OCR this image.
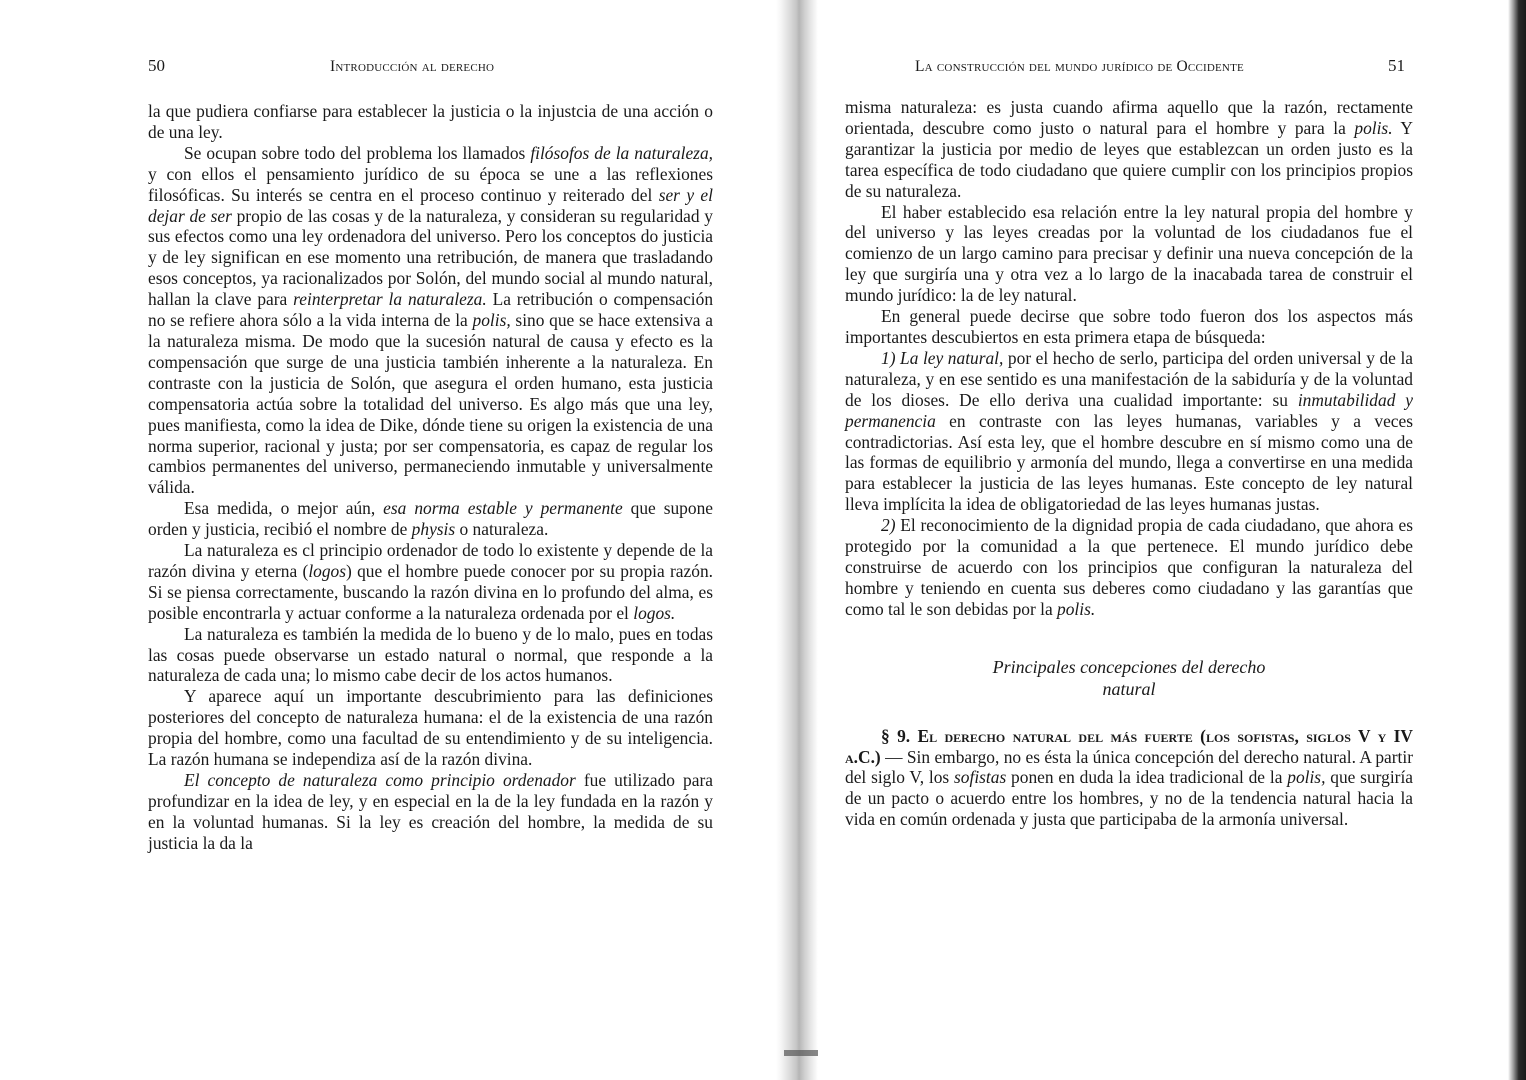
50	Introducción al derecho

la que pudiera confiarse para establecer la justicia o la injustcia de una acción o de una ley.

Se ocupan sobre todo del problema los llamados filósofos de la naturaleza, y con ellos el pensamiento jurídico de su época se une a las reflexiones filosóficas. Su interés se centra en el proceso continuo y reiterado del ser y el dejar de ser propio de las cosas y de la naturaleza, y consideran su regularidad y sus efectos como una ley ordenadora del universo. Pero los conceptos do justicia y de ley significan en ese momento una retribución, de manera que trasladando esos conceptos, ya racionalizados por Solón, del mundo social al mundo natural, hallan la clave para reinterpretar la naturaleza. La retribución o compensación no se refiere ahora sólo a la vida interna de la polis, sino que se hace extensiva a la naturaleza misma. De modo que la sucesión natural de causa y efecto es la compensación que surge de una justicia también inherente a la naturaleza. En contraste con la justicia de Solón, que asegura el orden humano, esta justicia compensatoria actúa sobre la totalidad del universo. Es algo más que una ley, pues manifiesta, como la idea de Dike, dónde tiene su origen la existencia de una norma superior, racional y justa; por ser compensatoria, es capaz de regular los cambios permanentes del universo, permaneciendo inmutable y universalmente válida.

Esa medida, o mejor aún, esa norma estable y permanente que supone orden y justicia, recibió el nombre de physis o naturaleza.

La naturaleza es cl principio ordenador de todo lo existente y depende de la razón divina y eterna (logos) que el hombre puede conocer por su propia razón. Si se piensa correctamente, buscando la razón divina en lo profundo del alma, es posible encontrarla y actuar conforme a la naturaleza ordenada por el logos.

La naturaleza es también la medida de lo bueno y de lo malo, pues en todas las cosas puede observarse un estado natural o normal, que responde a la naturaleza de cada una; lo mismo cabe decir de los actos humanos.

Y aparece aquí un importante descubrimiento para las definiciones posteriores del concepto de naturaleza humana: el de la existencia de una razón propia del hombre, como una facultad de su entendimiento y de su inteligencia. La razón humana se independiza así de la razón divina.

El concepto de naturaleza como principio ordenador fue utilizado para profundizar en la idea de ley, y en especial en la de la ley fundada en la razón y en la voluntad humanas. Si la ley es creación del hombre, la medida de su justicia la da la

La construcción del mundo jurídico de Occidente	51

misma naturaleza: es justa cuando afirma aquello que la razón, rectamente orientada, descubre como justo o natural para el hombre y para la polis. Y garantizar la justicia por medio de leyes que establezcan un orden justo es la tarea específica de todo ciudadano que quiere cumplir con los principios propios de su naturaleza.

El haber establecido esa relación entre la ley natural propia del hombre y del universo y las leyes creadas por la voluntad de los ciudadanos fue el comienzo de un largo camino para precisar y definir una nueva concepción de la ley que surgiría una y otra vez a lo largo de la inacabada tarea de construir el mundo jurídico: la de ley natural.

En general puede decirse que sobre todo fueron dos los aspectos más importantes descubiertos en esta primera etapa de búsqueda:

1) La ley natural, por el hecho de serlo, participa del orden universal y de la naturaleza, y en ese sentido es una manifestación de la sabiduría y de la voluntad de los dioses. De ello deriva una cualidad importante: su inmutabilidad y permanencia en contraste con las leyes humanas, variables y a veces contradictorias. Así esta ley, que el hombre descubre en sí mismo como una de las formas de equilibrio y armonía del mundo, llega a convertirse en una medida para establecer la justicia de las leyes humanas. Este concepto de ley natural lleva implícita la idea de obligatoriedad de las leyes humanas justas.

2) El reconocimiento de la dignidad propia de cada ciudadano, que ahora es protegido por la comunidad a la que pertenece. El mundo jurídico debe construirse de acuerdo con los principios que configuran la naturaleza del hombre y teniendo en cuenta sus deberes como ciudadano y las garantías que como tal le son debidas por la polis.

Principales concepciones del derecho
natural

§ 9. El derecho natural del más fuerte (los sofistas, siglos V y IV a.C.) — Sin embargo, no es ésta la única concepción del derecho natural. A partir del siglo V, los sofistas ponen en duda la idea tradicional de la polis, que surgiría de un pacto o acuerdo entre los hombres, y no de la tendencia natural hacia la vida en común ordenada y justa que participaba de la armonía universal.
